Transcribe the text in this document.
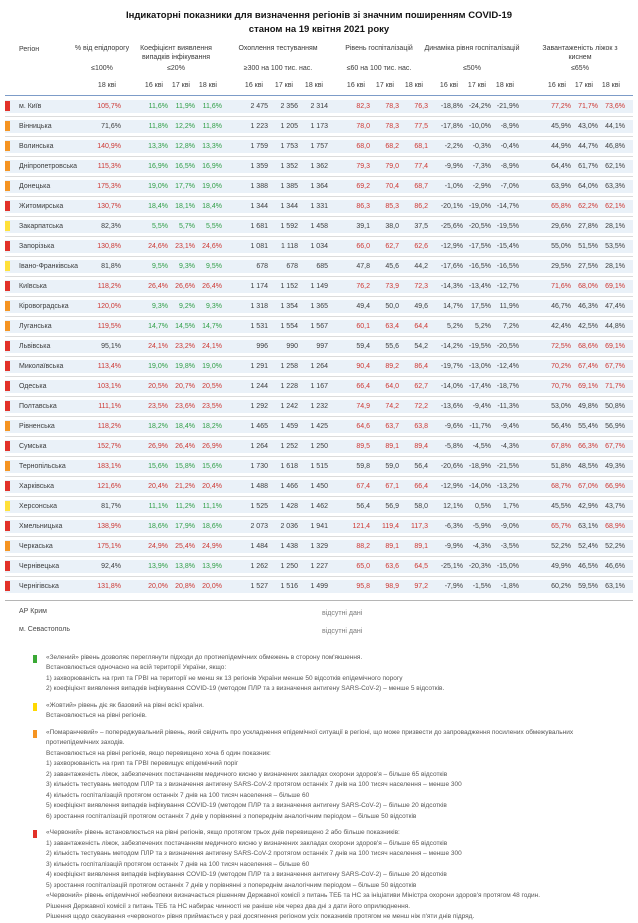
Індикаторні показники для визначення регіонів зі значним поширенням COVID-19
станом на 19 квітня 2021 року
Регіон	% від епідпорогу
≤100%
Коефіцієнт виявлення випадків інфікування
≤20%
Охоплення тестуванням
≥300 на 100 тис. нас.
Рівень госпіталізацій
≤60 на 100 тис. нас.
Динаміка рівня госпіталізацій
≤50%
Завантаженість ліжок з киснем
≤65%
18 кві	16 кві	17 кві	18 кві	16 кві	17 кві	18 кві	16 кві	17 кві	18 кві	16 кві	17 кві	18 кві	16 кві	17 кві	18 кві
м. Київ	105,7%	11,6%	11,9%	11,6%	2 475	2 356	2 314	82,3	78,3	76,3	-18,8% -24,2% -21,9%	77,2%	71,7%	73,6%
Вінницька	71,6%	11,8%	12,2%	11,8%	1 223	1 205	1 173	78,0	78,3	77,5	-17,8% -10,0%	-8,9%	45,9%	43,0%	44,1%
Волинська	140,9%	13,3%	12,8%	13,3%	1 759	1 753	1 757	68,0	68,2	68,1	-2,2%	-0,3%	-0,4%	44,9%	44,7%	46,8%
Дніпропетровська	115,3%	16,9%	16,5%	16,9%	1 359	1 352	1 362	79,3	79,0	77,4	-9,9%	-7,3%	-8,9%	64,4%	61,7%	62,1%
Донецька	175,3%	19,0%	17,7%	19,0%	1 388	1 385	1 364	69,2	70,4	68,7	-1,0%	-2,9%	-7,0%	63,9%	64,0%	63,3%
Житомирська	130,7%	18,4%	18,1%	18,4%	1 344	1 344	1 331	86,3	85,3	86,2	-20,1% -19,0% -14,7%	65,8%	62,2%	62,1%
Закарпатська	82,3%	5,5%	5,7%	5,5%	1 681	1 592	1 458	39,1	38,0	37,5	-25,6% -20,5% -19,5%	29,6%	27,8%	28,1%
Запорізька	130,8%	24,6%	23,1%	24,6%	1 081	1 118	1 034	66,0	62,7	62,6	-12,9% -17,5% -15,4%	55,0%	51,5%	53,5%
Івано-Франківська	81,8%	9,5%	9,3%	9,5%	678	678	685	47,8	45,6	44,2	-17,6% -16,5% -16,5%	29,5%	27,5%	28,1%
Київська	118,2%	26,4%	26,6%	26,4%	1 174	1 152	1 149	76,2	73,9	72,3	-14,3% -13,4% -12,7%	71,6%	68,0%	69,1%
Кіровоградська	120,0%	9,3%	9,2%	9,3%	1 318	1 354	1 365	49,4	50,0	49,6	14,7%	17,5%	11,9%	46,7%	46,3%	47,4%
Луганська	119,5%	14,7%	14,5%	14,7%	1 531	1 554	1 567	60,1	63,4	64,4	5,2%	5,2%	7,2%	42,4%	42,5%	44,8%
Львівська	95,1%	24,1%	23,2%	24,1%	996	990	997	59,4	55,6	54,2	-14,2% -19,5% -20,5%	72,5%	68,6%	69,1%
Миколаївська	113,4%	19,0%	19,8%	19,0%	1 291	1 258	1 264	90,4	89,2	86,4	-19,7% -13,0% -12,4%	70,2%	67,4%	67,7%
Одеська	103,1%	20,5%	20,7%	20,5%	1 244	1 228	1 167	66,4	64,0	62,7	-14,0% -17,4% -18,7%	70,7%	69,1%	71,7%
Полтавська	111,1%	23,5%	23,6%	23,5%	1 292	1 242	1 232	74,9	74,2	72,2	-13,6%	-9,4% -11,3%	53,0%	49,8%	50,8%
Рівненська	118,2%	18,2%	18,4%	18,2%	1 465	1 459	1 425	64,6	63,7	63,8	-9,6% -11,7%	-9,4%	56,4%	55,4%	56,9%
Сумська	152,7%	26,9%	26,4%	26,9%	1 264	1 252	1 250	89,5	89,1	89,4	-5,8%	-4,5%	-4,3%	67,8%	66,3%	67,7%
Тернопільська	183,1%	15,6%	15,8%	15,6%	1 730	1 618	1 515	59,8	59,0	56,4	-20,6% -18,9% -21,5%	51,8%	48,5%	49,3%
Харківська	121,6%	20,4%	21,2%	20,4%	1 488	1 466	1 450	67,4	67,1	66,4	-12,9% -14,0% -13,2%	68,7%	67,0%	66,9%
Херсонська	81,7%	11,1%	11,2%	11,1%	1 525	1 428	1 462	56,4	56,9	58,0	12,1%	0,5%	1,7%	45,5%	42,9%	43,7%
Хмельницька	138,9%	18,6%	17,9%	18,6%	2 073	2 036	1 941	121,4	119,4	117,3	-6,3%	-5,9%	-9,0%	65,7%	63,1%	68,9%
Черкаська	175,1%	24,9%	25,4%	24,9%	1 484	1 438	1 329	88,2	89,1	89,1	-9,9%	-4,3%	-3,5%	52,2%	52,4%	52,2%
Чернівецька	92,4%	13,9%	13,8%	13,9%	1 262	1 250	1 227	65,0	63,6	64,5	-25,1% -20,3% -15,0%	49,9%	46,5%	46,6%
Чернігівська	131,8%	20,0%	20,8%	20,0%	1 527	1 516	1 499	95,8	98,9	97,2	-7,9%	-1,5%	-1,8%	60,2%	59,5%	63,1%
АР Крим	відсутні дані
м. Севастополь	відсутні дані
«Зелений» рівень дозволяє переглянути підходи до протиепідемічних обмежень в сторону пом'якшення.
Встановлюється одночасно на всій території України, якщо:
1) захворюваність на грип та ГРВІ на території не менш як 13 регіонів України менше 50 відсотків епідемічного порогу
2) коефіцієнт виявлення випадків інфікування COVID-19 (методом ПЛР та з визначення антигену SARS-CoV-2) – менше 5 відсотків.
«Жовтий» рівень діє як базовий на рівні всієї країни.
Встановлюється на рівні регіонів.
«Помаранчевий» – попереджувальний рівень, який свідчить про ускладнення епідемічної ситуації в регіоні, що може призвести до запровадження посилених обмежувальних
протиепідемічних заходів.
Встановлюється на рівні регіонів, якщо перевищено хоча б один показник:
1) захворюваність на грип та ГРВІ перевищує епідемічний поріг
2) завантаженість ліжок, забезпечених постачанням медичного кисню у визначених закладах охорони здоров'я – більше 65 відсотків
3) кількість тестувань методом ПЛР та з визначення антигену SARS-CoV-2 протягом останніх 7 днів на 100 тисяч населення – менше 300
4) кількість госпіталізацій протягом останніх 7 днів на 100 тисяч населення – більше 60
5) коефіцієнт виявлення випадків інфікування COVID-19 (методом ПЛР та з визначення антигену SARS-CoV-2) – більше 20 відсотків
6) зростання госпіталізацій протягом останніх 7 днів у порівнянні з попереднім аналогічним періодом – більше 50 відсотків
«Червоний» рівень встановлюється на рівні регіонів, якщо протягом трьох днів перевищено 2 або більше показників:
1) завантаженість ліжок, забезпечених постачанням медичного кисню у визначених закладах охорони здоров'я – більше 65 відсотків
2) кількість тестувань методом ПЛР та з визначення антигену SARS-CoV-2 протягом останніх 7 днів на 100 тисяч населення – менше 300
3) кількість госпіталізацій протягом останніх 7 днів на 100 тисяч населення – більше 60
4) коефіцієнт виявлення випадків інфікування COVID-19 (методом ПЛР та з визначення антигену SARS-CoV-2) – більше 20 відсотків
5) зростання госпіталізацій протягом останніх 7 днів у порівнянні з попереднім аналогічним періодом – більше 50 відсотків
«Червоний» рівень епідемічної небезпеки визначається рішенням Державної комісії з питань ТЕБ та НС за ініціативи Міністра охорони здоров'я протягом 48 годин.
Рішення Державної комісії з питань ТЕБ та НС набирає чинності не раніше ніж через два дні з дати його оприлюднення.
Рішення щодо скасування «червоного» рівня приймається у разі досягнення регіоном усіх показників протягом не менш ніж п'яти днів підряд.
